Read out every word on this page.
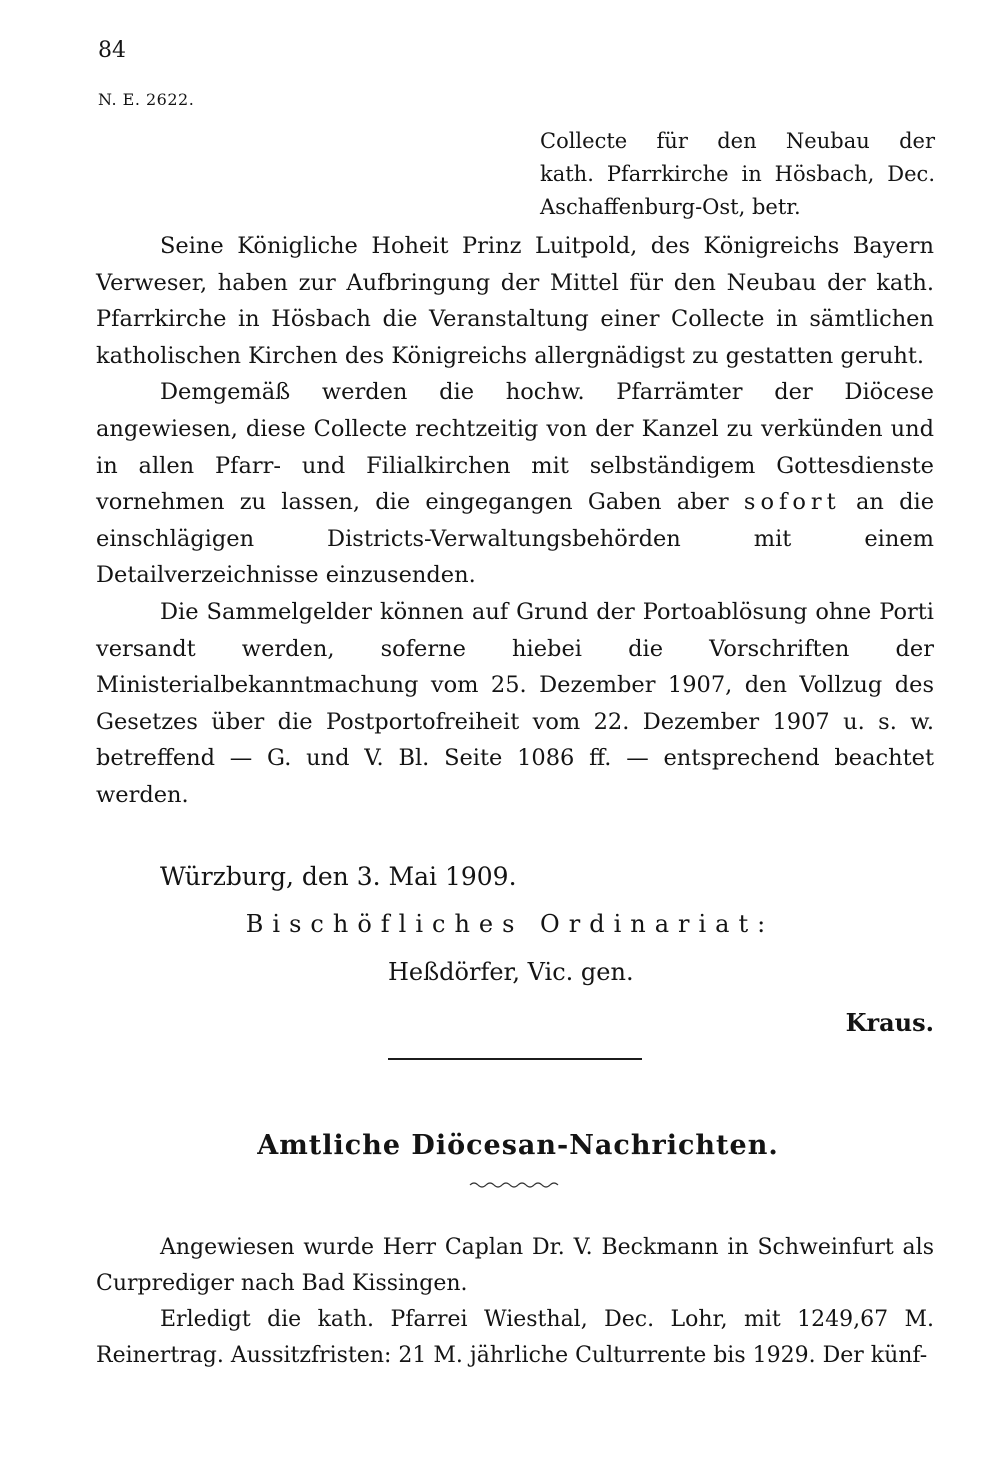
84
N. E. 2622.

Collecte für den Neubau der
kath. Pfarrkirche in Hösbach, Dec.
Aschaffenburg-Ost, betr.

Seine Königliche Hoheit Prinz Luitpold, des Königreichs Bayern Verweser, haben zur Aufbringung der Mittel für den Neubau der kath. Pfarrkirche in Hösbach die Veranstaltung einer Collecte in sämtlichen katholischen Kirchen des Königreichs allergnädigst zu gestatten geruht.

Demgemäß werden die hochw. Pfarrämter der Diöcese angewiesen, diese Collecte rechtzeitig von der Kanzel zu verkünden und in allen Pfarr- und Filialkirchen mit selbständigem Gottesdienste vornehmen zu lassen, die eingegangen Gaben aber sofort an die einschlägigen Districts-Verwaltungsbehörden mit einem Detailverzeichnisse einzusenden.

Die Sammelgelder können auf Grund der Portoablösung ohne Porti versandt werden, soferne hiebei die Vorschriften der Ministerialbekanntmachung vom 25. Dezember 1907, den Vollzug des Gesetzes über die Postportofreiheit vom 22. Dezember 1907 u. s. w. betreffend — G. und V. Bl. Seite 1086 ff. — entsprechend beachtet werden.

Würzburg, den 3. Mai 1909.
Bischöfliches Ordinariat:
Heßdörfer, Vic. gen.
Kraus.
Amtliche Diöcesan-Nachrichten.

Angewiesen wurde Herr Caplan Dr. V. Beckmann in Schweinfurt als Curprediger nach Bad Kissingen.

Erledigt die kath. Pfarrei Wiesthal, Dec. Lohr, mit 1249,67 M. Reinertrag. Aussitzfristen: 21 M. jährliche Culturrente bis 1929. Der künf-
